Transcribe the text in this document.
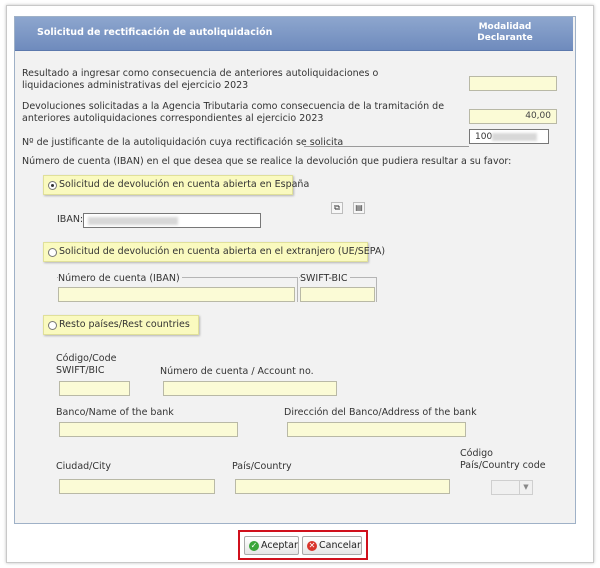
Solicitud de rectificación de autoliquidación	Modalidad
Declarante
Resultado a ingresar como consecuencia de anteriores autoliquidaciones o liquidaciones administrativas del ejercicio 2023
Devoluciones solicitadas a la Agencia Tributaria como consecuencia de la tramitación de anteriores autoliquidaciones correspondientes al ejercicio 2023	40,00
Nº de justificante de la autoliquidación cuya rectificación se solicita	100
Número de cuenta (IBAN) en el que desea que se realice la devolución que pudiera resultar a su favor:
Solicitud de devolución en cuenta abierta en España
IBAN:
⧉	▤
Solicitud de devolución en cuenta abierta en el extranjero (UE/SEPA)
Número de cuenta (IBAN)	SWIFT-BIC
Resto países/Rest countries
Código/Code
SWIFT/BIC	Número de cuenta / Account no.
Banco/Name of the bank	Dirección del Banco/Address of the bank
Ciudad/City	País/Country
Código
País/Country code
▼
✓ Aceptar ✕ Cancelar
